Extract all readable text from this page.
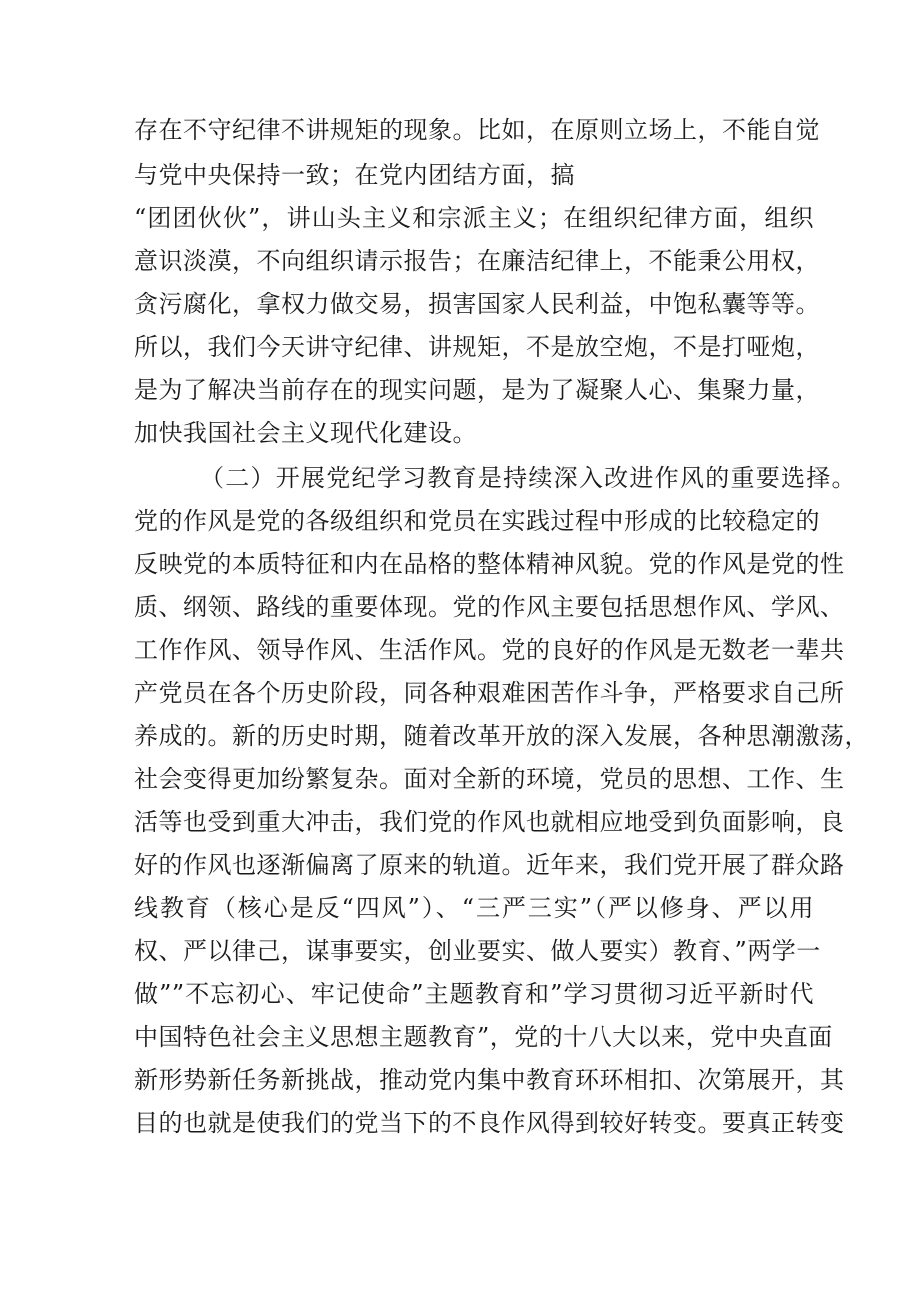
存在不守纪律不讲规矩的现象。比如，在原则立场上，不能自觉
与党中央保持一致；在党内团结方面，搞
“团团伙伙”，讲山头主义和宗派主义；在组织纪律方面，组织
意识淡漠，不向组织请示报告；在廉洁纪律上，不能秉公用权，
贪污腐化，拿权力做交易，损害国家人民利益，中饱私囊等等。
所以，我们今天讲守纪律、讲规矩，不是放空炮，不是打哑炮，
是为了解决当前存在的现实问题，是为了凝聚人心、集聚力量，
加快我国社会主义现代化建设。
（二）开展党纪学习教育是持续深入改进作风的重要选择。
党的作风是党的各级组织和党员在实践过程中形成的比较稳定的
反映党的本质特征和内在品格的整体精神风貌。党的作风是党的性
质、纲领、路线的重要体现。党的作风主要包括思想作风、学风、
工作作风、领导作风、生活作风。党的良好的作风是无数老一辈共
产党员在各个历史阶段，同各种艰难困苦作斗争，严格要求自己所
养成的。新的历史时期，随着改革开放的深入发展，各种思潮激荡，
社会变得更加纷繁复杂。面对全新的环境，党员的思想、工作、生
活等也受到重大冲击，我们党的作风也就相应地受到负面影响，良
好的作风也逐渐偏离了原来的轨道。近年来，我们党开展了群众路
线教育（核心是反“四风”）、“三严三实”（严以修身、严以用
权、严以律己，谋事要实，创业要实、做人要实）教育、”两学一
做””不忘初心、牢记使命”主题教育和”学习贯彻习近平新时代
中国特色社会主义思想主题教育”，党的十八大以来，党中央直面
新形势新任务新挑战，推动党内集中教育环环相扣、次第展开，其
目的也就是使我们的党当下的不良作风得到较好转变。要真正转变
